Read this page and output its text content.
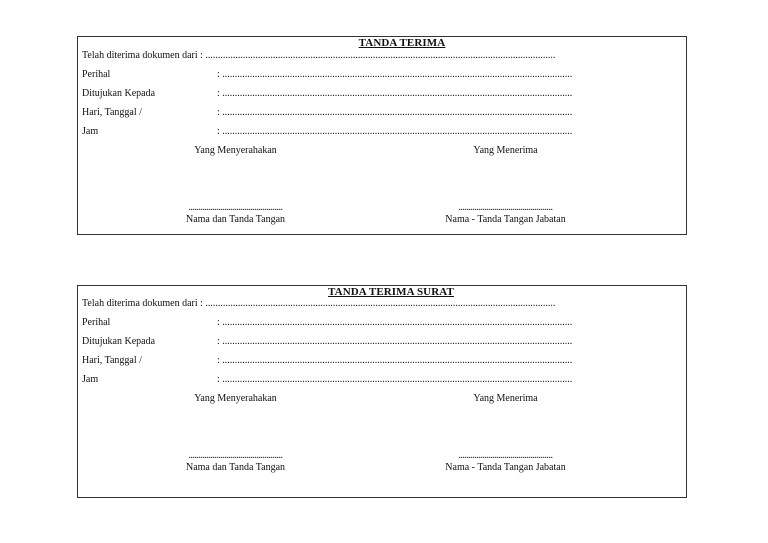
TANDA TERIMA
Telah diterima dokumen dari : ............................................................................................................................................
Perihal	: ............................................................................................................................................
Ditujukan Kepada	: ............................................................................................................................................
Hari, Tanggal /	: ............................................................................................................................................
Jam	: ............................................................................................................................................
Yang Menyerahakan	Yang Menerima
...............................................	...............................................
Nama dan Tanda Tangan	Nama - Tanda Tangan Jabatan
TANDA TERIMA SURAT
Telah diterima dokumen dari : ............................................................................................................................................
Perihal	: ............................................................................................................................................
Ditujukan Kepada	: ............................................................................................................................................
Hari, Tanggal /	: ............................................................................................................................................
Jam	: ............................................................................................................................................
Yang Menyerahakan	Yang Menerima
...............................................	...............................................
Nama dan Tanda Tangan	Nama - Tanda Tangan Jabatan
